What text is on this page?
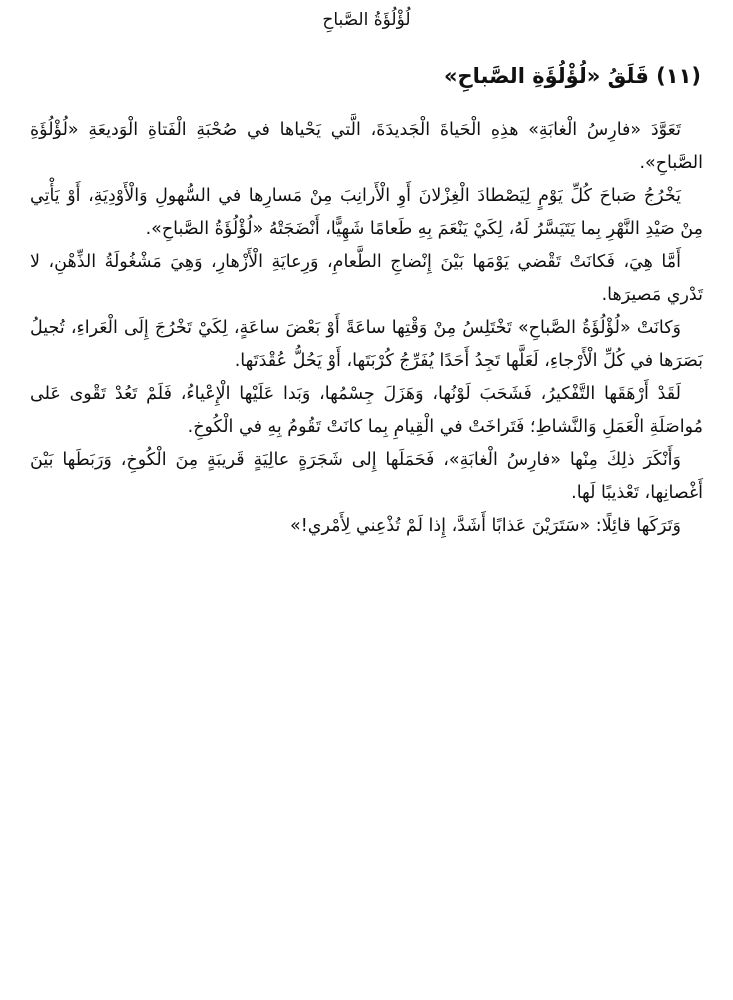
لُؤْلُؤَةُ الصَّباحِ
(١١) قَلَقُ «لُؤْلُؤَةِ الصَّباحِ»

تَعَوَّدَ «فارِسُ الْغابَةِ» هذِهِ الْحَياةَ الْجَديدَةَ، الَّتي يَحْياها في صُحْبَةِ الْفَتاةِ الْوَديعَةِ «لُؤْلُؤَةِ الصَّباحِ».

يَخْرُجُ صَباحَ كُلِّ يَوْمٍ لِيَصْطادَ الْغِزْلانَ أَوِ الْأَرانِبَ مِنْ مَسارِها في السُّهولِ وَالْأَوْدِيَةِ، أَوْ يَأْتِي مِنْ صَيْدِ النَّهْرِ بِما يَتَيَسَّرُ لَهُ، لِكَيْ يَنْعَمَ بِهِ طَعامًا شَهِيًّا، أَنْضَجَتْهُ «لُؤْلُؤَةُ الصَّباحِ».

أَمَّا هِيَ، فَكانَتْ تَقْضي يَوْمَها بَيْنَ إِنْضاجِ الطَّعامِ، وَرِعايَةِ الْأَزْهارِ، وَهِيَ مَشْغُولَةُ الذِّهْنِ، لا تَدْري مَصيرَها.

وَكانَتْ «لُؤْلُؤَةُ الصَّباحِ» تَخْتَلِسُ مِنْ وَقْتِها ساعَةً أَوْ بَعْضَ ساعَةٍ، لِكَيْ تَخْرُجَ إِلَى الْعَراءِ، تُجيلُ بَصَرَها في كُلِّ الْأَرْجاءِ، لَعَلَّها تَجِدُ أَحَدًا يُفَرِّجُ كُرْبَتَها، أَوْ يَحُلُّ عُقْدَتَها.

لَقَدْ أَرْهَقَها التَّفْكيرُ، فَشَحَبَ لَوْنُها، وَهَزَلَ جِسْمُها، وَبَدا عَلَيْها الْإِعْياءُ، فَلَمْ تَعُدْ تَقْوى عَلى مُواصَلَةِ الْعَمَلِ وَالنَّشاطِ؛ فَتَراخَتْ في الْقِيامِ بِما كانَتْ تَقُومُ بِهِ في الْكُوخِ.

وَأَنْكَرَ ذلِكَ مِنْها «فارِسُ الْغابَةِ»، فَحَمَلَها إِلى شَجَرَةٍ عالِيَةٍ قَريبَةٍ مِنَ الْكُوخِ، وَرَبَطَها بَيْنَ أَغْصانِها، تَعْذيبًا لَها.

وَتَرَكَها قائِلًا: «سَتَرَيْنَ عَذابًا أَشَدَّ، إِذا لَمْ تُذْعِني لِأَمْري!»
